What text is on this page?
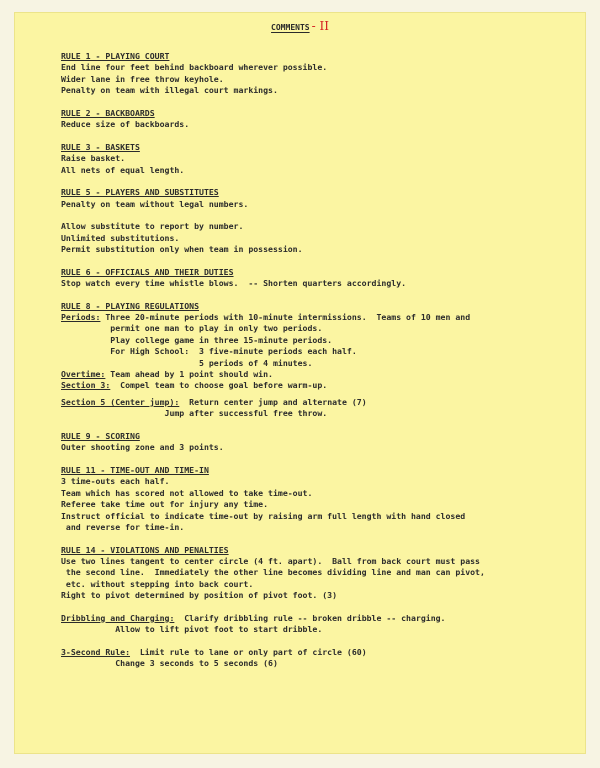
COMMENTS - II
RULE 1 - PLAYING COURT
End line four feet behind backboard wherever possible.
Wider lane in free throw keyhole.
Penalty on team with illegal court markings.
RULE 2 - BACKBOARDS
Reduce size of backboards.
RULE 3 - BASKETS
Raise basket.
All nets of equal length.
RULE 5 - PLAYERS AND SUBSTITUTES
Penalty on team without legal numbers.
Allow substitute to report by number.
Unlimited substitutions.
Permit substitution only when team in possession.
RULE 6 - OFFICIALS AND THEIR DUTIES
Stop watch every time whistle blows.  -- Shorten quarters accordingly.
RULE 8 - PLAYING REGULATIONS
Periods: Three 20-minute periods with 10-minute intermissions.  Teams of 10 men and
permit one man to play in only two periods.
Play college game in three 15-minute periods.
For High School:  3 five-minute periods each half.
5 periods of 4 minutes.
Overtime: Team ahead by 1 point should win.
Section 3:  Compel team to choose goal before warm-up.
Section 5 (Center jump):  Return center jump and alternate (7)
Jump after successful free throw.
RULE 9 - SCORING
Outer shooting zone and 3 points.
RULE 11 - TIME-OUT AND TIME-IN
3 time-outs each half.
Team which has scored not allowed to take time-out.
Referee take time out for injury any time.
Instruct official to indicate time-out by raising arm full length with hand closed
and reverse for time-in.
RULE 14 - VIOLATIONS AND PENALTIES
Use two lines tangent to center circle (4 ft. apart).  Ball from back court must pass
the second line.  Immediately the other line becomes dividing line and man can pivot,
etc. without stepping into back court.
Right to pivot determined by position of pivot foot. (3)
Dribbling and Charging:  Clarify dribbling rule -- broken dribble -- charging.
Allow to lift pivot foot to start dribble.
3-Second Rule:  Limit rule to lane or only part of circle (60)
Change 3 seconds to 5 seconds (6)
